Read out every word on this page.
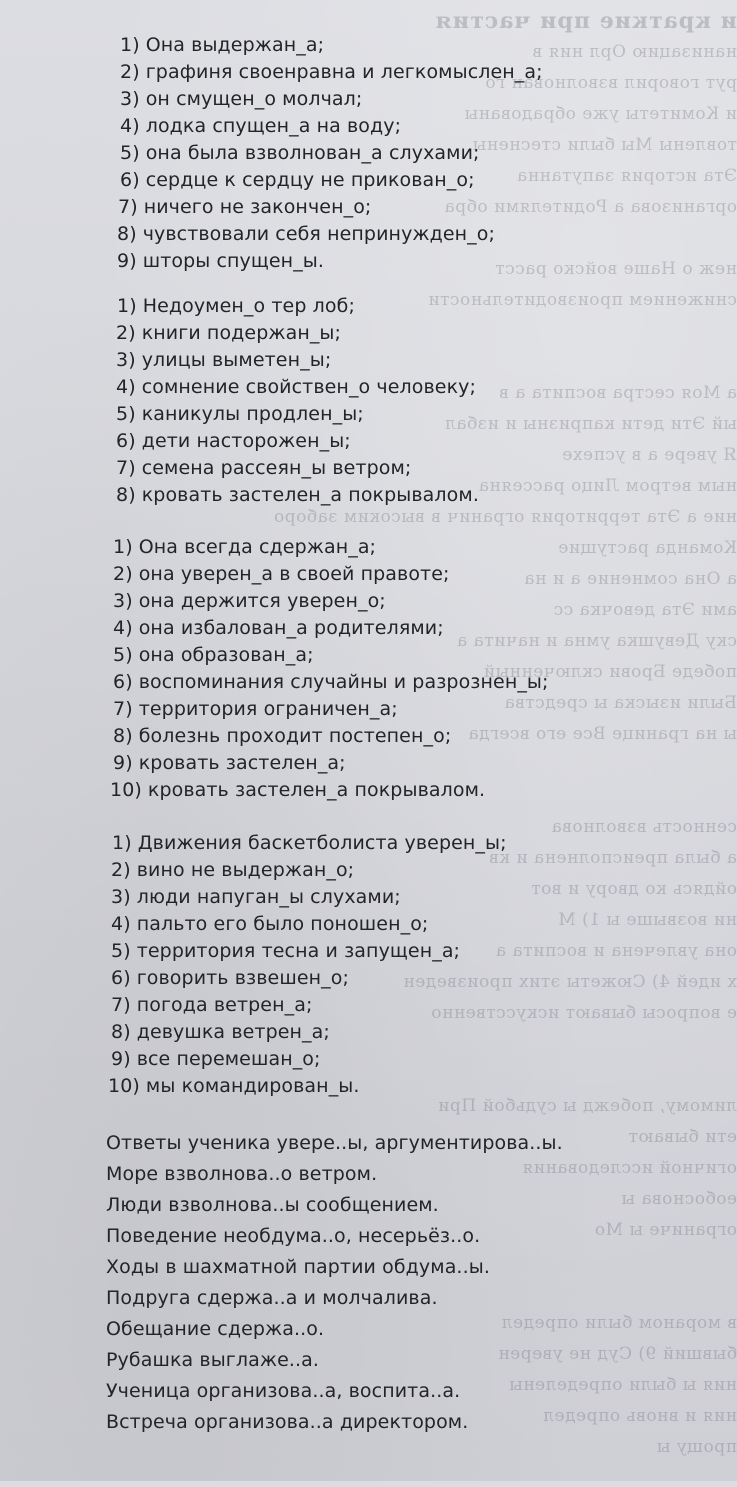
и краткие при частия
нанизацию Орл ния в
рут говорил взволнован го
и Комитеты уже обрадованы
товлены Мы были стеснены
Эта история запутанна
организова а Родителями обра
неж о Наше войско расст
снижением производительности
а Моя сестра воспита а в
ый Эти дети капризны и избал
Я увере а в успехе
ным ветром Лицо рассеяна
ние а Эта территория огранич в высоким заборо
Команда растущие
а Она сомнение а и на
ами Эта девочка сс
ску Девушка умна и начита а
победе Брови сключенный
Были изыска ы средства
ы на границе Все его всегда
сенность взволнова
а была преисполнена и кв
ойдясь ко двору и вот
ни возвыше ы 1) М
она увлечена и воспита а
х идей 4) Сюжеты этих произведен
е вопросы бывают искусственно
лимому, побежд ы судьбой При
ети бывают
огичной исследования
еобоснова ы
ограниче ы Мо
в мораном были определ
бывший 9) Суд не уверен
ния ы были определены
ния и вновь определ
прощу ы
1) Она выдержан_а;
2) графиня своенравна и легкомыслен_а;
3) он смущен_о молчал;
4) лодка спущен_а на воду;
5) она была взволнован_а слухами;
6) сердце к сердцу не прикован_о;
7) ничего не закончен_о;
8) чувствовали себя непринужден_о;
9) шторы спущен_ы.
1) Недоумен_о тер лоб;
2) книги подержан_ы;
3) улицы выметен_ы;
4) сомнение свойствен_о человеку;
5) каникулы продлен_ы;
6) дети насторожен_ы;
7) семена рассеян_ы ветром;
8) кровать застелен_а покрывалом.
1) Она всегда сдержан_а;
2) она уверен_а в своей правоте;
3) она держится уверен_о;
4) она избалован_а родителями;
5) она образован_а;
6) воспоминания случайны и разрознен_ы;
7) территория ограничен_а;
8) болезнь проходит постепен_о;
9) кровать застелен_а;
10) кровать застелен_а покрывалом.
1) Движения баскетболиста уверен_ы;
2) вино не выдержан_о;
3) люди напуган_ы слухами;
4) пальто его было поношен_о;
5) территория тесна и запущен_а;
6) говорить взвешен_о;
7) погода ветрен_а;
8) девушка ветрен_а;
9) все перемешан_о;
10) мы командирован_ы.
Ответы ученика увере..ы, аргументирова..ы.
Море взволнова..о ветром.
Люди взволнова..ы сообщением.
Поведение необдума..о, несерьёз..о.
Ходы в шахматной партии обдума..ы.
Подруга сдержа..а и молчалива.
Обещание сдержа..о.
Рубашка выглаже..а.
Ученица организова..а, воспита..а.
Встреча организова..а директором.
